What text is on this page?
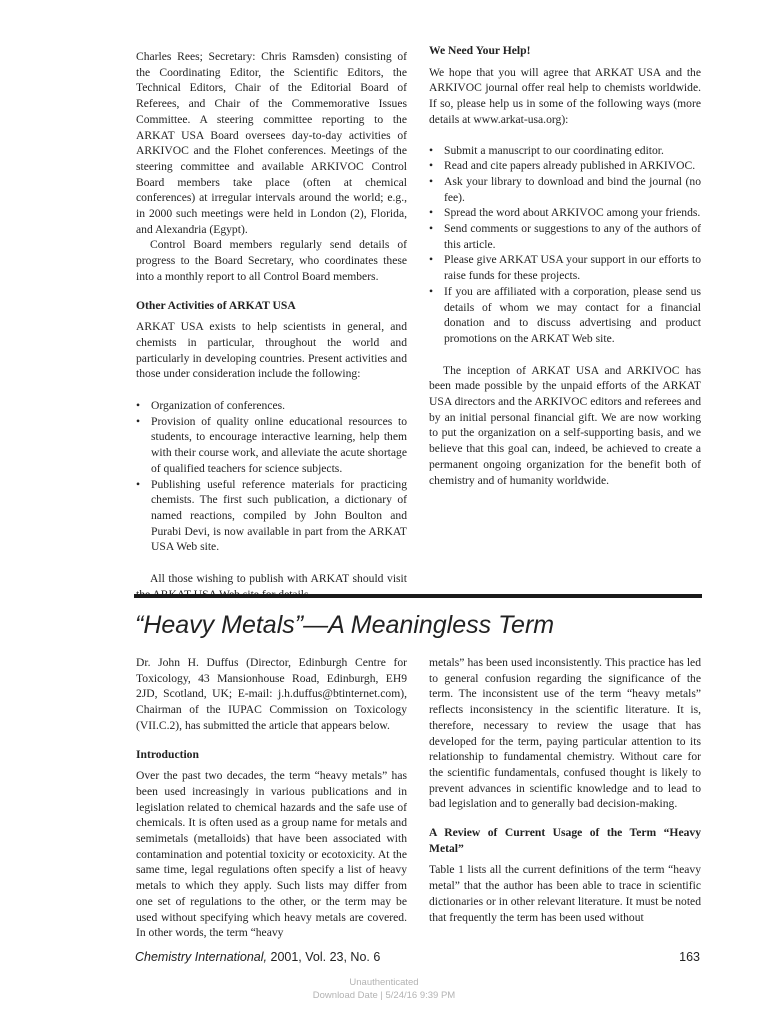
Charles Rees; Secretary: Chris Ramsden) consisting of the Coordinating Editor, the Scientific Editors, the Technical Editors, Chair of the Editorial Board of Referees, and Chair of the Commemorative Issues Committee. A steering committee reporting to the ARKAT USA Board oversees day-to-day activities of ARKIVOC and the Flohet conferences. Meetings of the steering committee and available ARKIVOC Control Board members take place (often at chemical conferences) at irregular intervals around the world; e.g., in 2000 such meetings were held in London (2), Florida, and Alexandria (Egypt).

Control Board members regularly send details of progress to the Board Secretary, who coordinates these into a monthly report to all Control Board members.

Other Activities of ARKAT USA

ARKAT USA exists to help scientists in general, and chemists in particular, throughout the world and particularly in developing countries. Present activities and those under consideration include the following:

• Organization of conferences.
• Provision of quality online educational resources to students, to encourage interactive learning, help them with their course work, and alleviate the acute shortage of qualified teachers for science subjects.
• Publishing useful reference materials for practicing chemists. The first such publication, a dictionary of named reactions, compiled by John Boulton and Purabi Devi, is now available in part from the ARKAT USA Web site.

All those wishing to publish with ARKAT should visit

We Need Your Help!

We hope that you will agree that ARKAT USA and the ARKIVOC journal offer real help to chemists worldwide. If so, please help us in some of the following ways (more details at www.arkat-usa.org):

• Submit a manuscript to our coordinating editor.
• Read and cite papers already published in ARKIVOC.
• Ask your library to download and bind the journal (no fee).
• Spread the word about ARKIVOC among your friends.
• Send comments or suggestions to any of the authors of this article.
• Please give ARKAT USA your support in our efforts to raise funds for these projects.
• If you are affiliated with a corporation, please send us details of whom we may contact for a financial donation and to discuss advertising and product promotions on the ARKAT Web site.

The inception of ARKAT USA and ARKIVOC has been made possible by the unpaid efforts of the ARKAT USA directors and the ARKIVOC editors and referees and by an initial personal financial gift. We are now working to put the organization on a self-supporting basis, and we believe that this goal can, indeed, be achieved to create a permanent ongoing organization for the benefit both of chemistry and of humanity worldwide.

“Heavy Metals”—A Meaningless Term

Dr. John H. Duffus (Director, Edinburgh Centre for Toxicology, 43 Mansionhouse Road, Edinburgh, EH9 2JD, Scotland, UK; E-mail: j.h.duffus@btinternet.com), Chairman of the IUPAC Commission on Toxicology (VII.C.2), has submitted the article that appears below.

Introduction

Over the past two decades, the term “heavy metals” has been used increasingly in various publications and in legislation related to chemical hazards and the safe use of chemicals. It is often used as a group name for metals and semimetals (metalloids) that have been associated with contamination and potential toxicity or ecotoxicity. At the same time, legal regulations often specify a list of heavy metals to which they apply. Such lists may differ from one set of regulations to the other, or the term may be used without specifying which heavy metals are covered. In other words, the term “heavy

metals” has been used inconsistently. This practice has led to general confusion regarding the significance of the term. The inconsistent use of the term “heavy metals” reflects inconsistency in the scientific literature. It is, therefore, necessary to review the usage that has developed for the term, paying particular attention to its relationship to fundamental chemistry. Without care for the scientific fundamentals, confused thought is likely to prevent advances in scientific knowledge and to lead to bad legislation and to generally bad decision-making.

A Review of Current Usage of the Term “Heavy Metal”

Table 1 lists all the current definitions of the term “heavy metal” that the author has been able to trace in scientific dictionaries or in other relevant literature. It must be noted that frequently the term has been used without

Chemistry International, 2001, Vol. 23, No. 6	163
Unauthenticated
Download Date | 5/24/16 9:39 PM
